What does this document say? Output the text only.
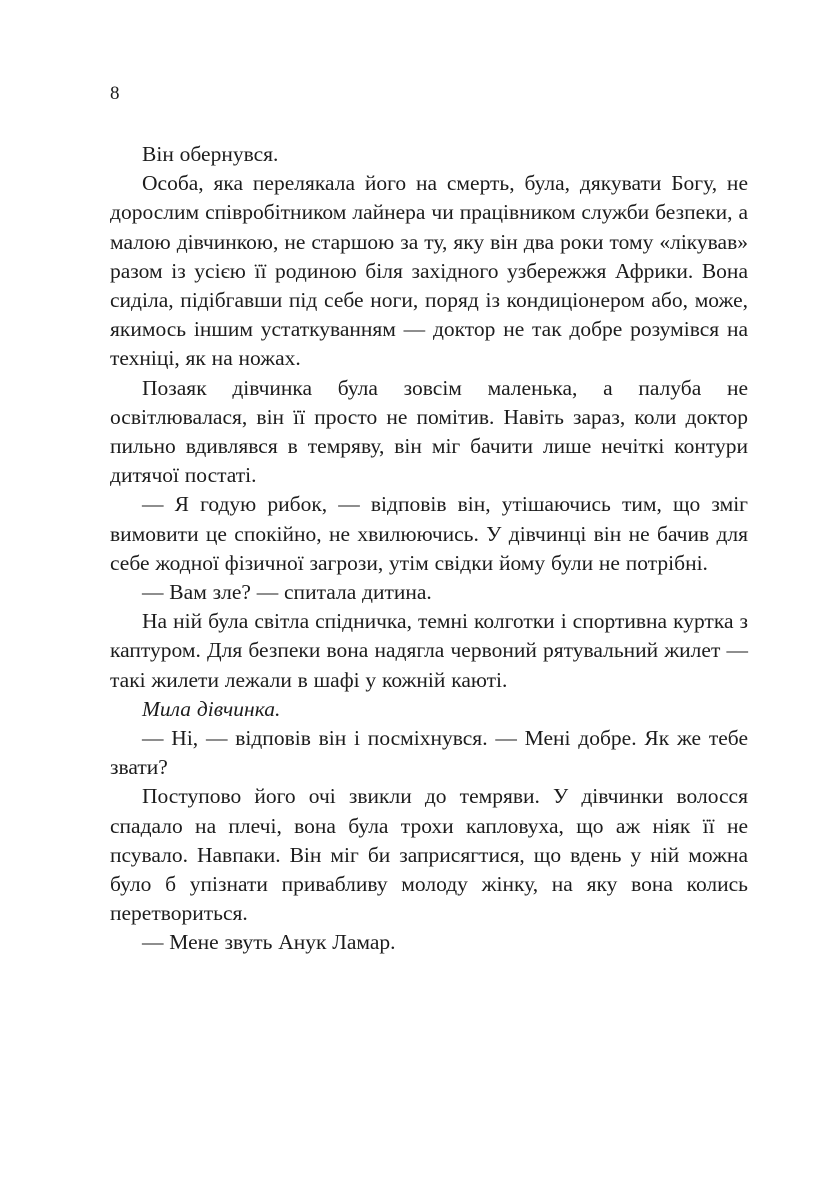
8

Він обернувся.

Особа, яка перелякала його на смерть, була, дякувати Богу, не дорослим співробітником лайнера чи працівником служби безпеки, а малою дівчинкою, не старшою за ту, яку він два роки тому «лікував» разом із усією її родиною біля західного узбережжя Африки. Вона сиділа, підібгавши під себе ноги, поряд із кондиціонером або, може, якимось іншим устаткуванням — доктор не так добре розумівся на техніці, як на ножах.

Позаяк дівчинка була зовсім маленька, а палуба не освітлювалася, він її просто не помітив. Навіть зараз, коли доктор пильно вдивлявся в темряву, він міг бачити лише нечіткі контури дитячої постаті.

— Я годую рибок, — відповів він, утішаючись тим, що зміг вимовити це спокійно, не хвилюючись. У дівчинці він не бачив для себе жодної фізичної загрози, утім свідки йому були не потрібні.

— Вам зле? — спитала дитина.

На ній була світла спідничка, темні колготки і спортивна куртка з каптуром. Для безпеки вона надягла червоний рятувальний жилет — такі жилети лежали в шафі у кожній каюті.

Мила дівчинка.

— Ні, — відповів він і посміхнувся. — Мені добре. Як же тебе звати?

Поступово його очі звикли до темряви. У дівчинки волосся спадало на плечі, вона була трохи капловуха, що аж ніяк її не псувало. Навпаки. Він міг би заприсягтися, що вдень у ній можна було б упізнати привабливу молоду жінку, на яку вона колись перетвориться.

— Мене звуть Анук Ламар.
